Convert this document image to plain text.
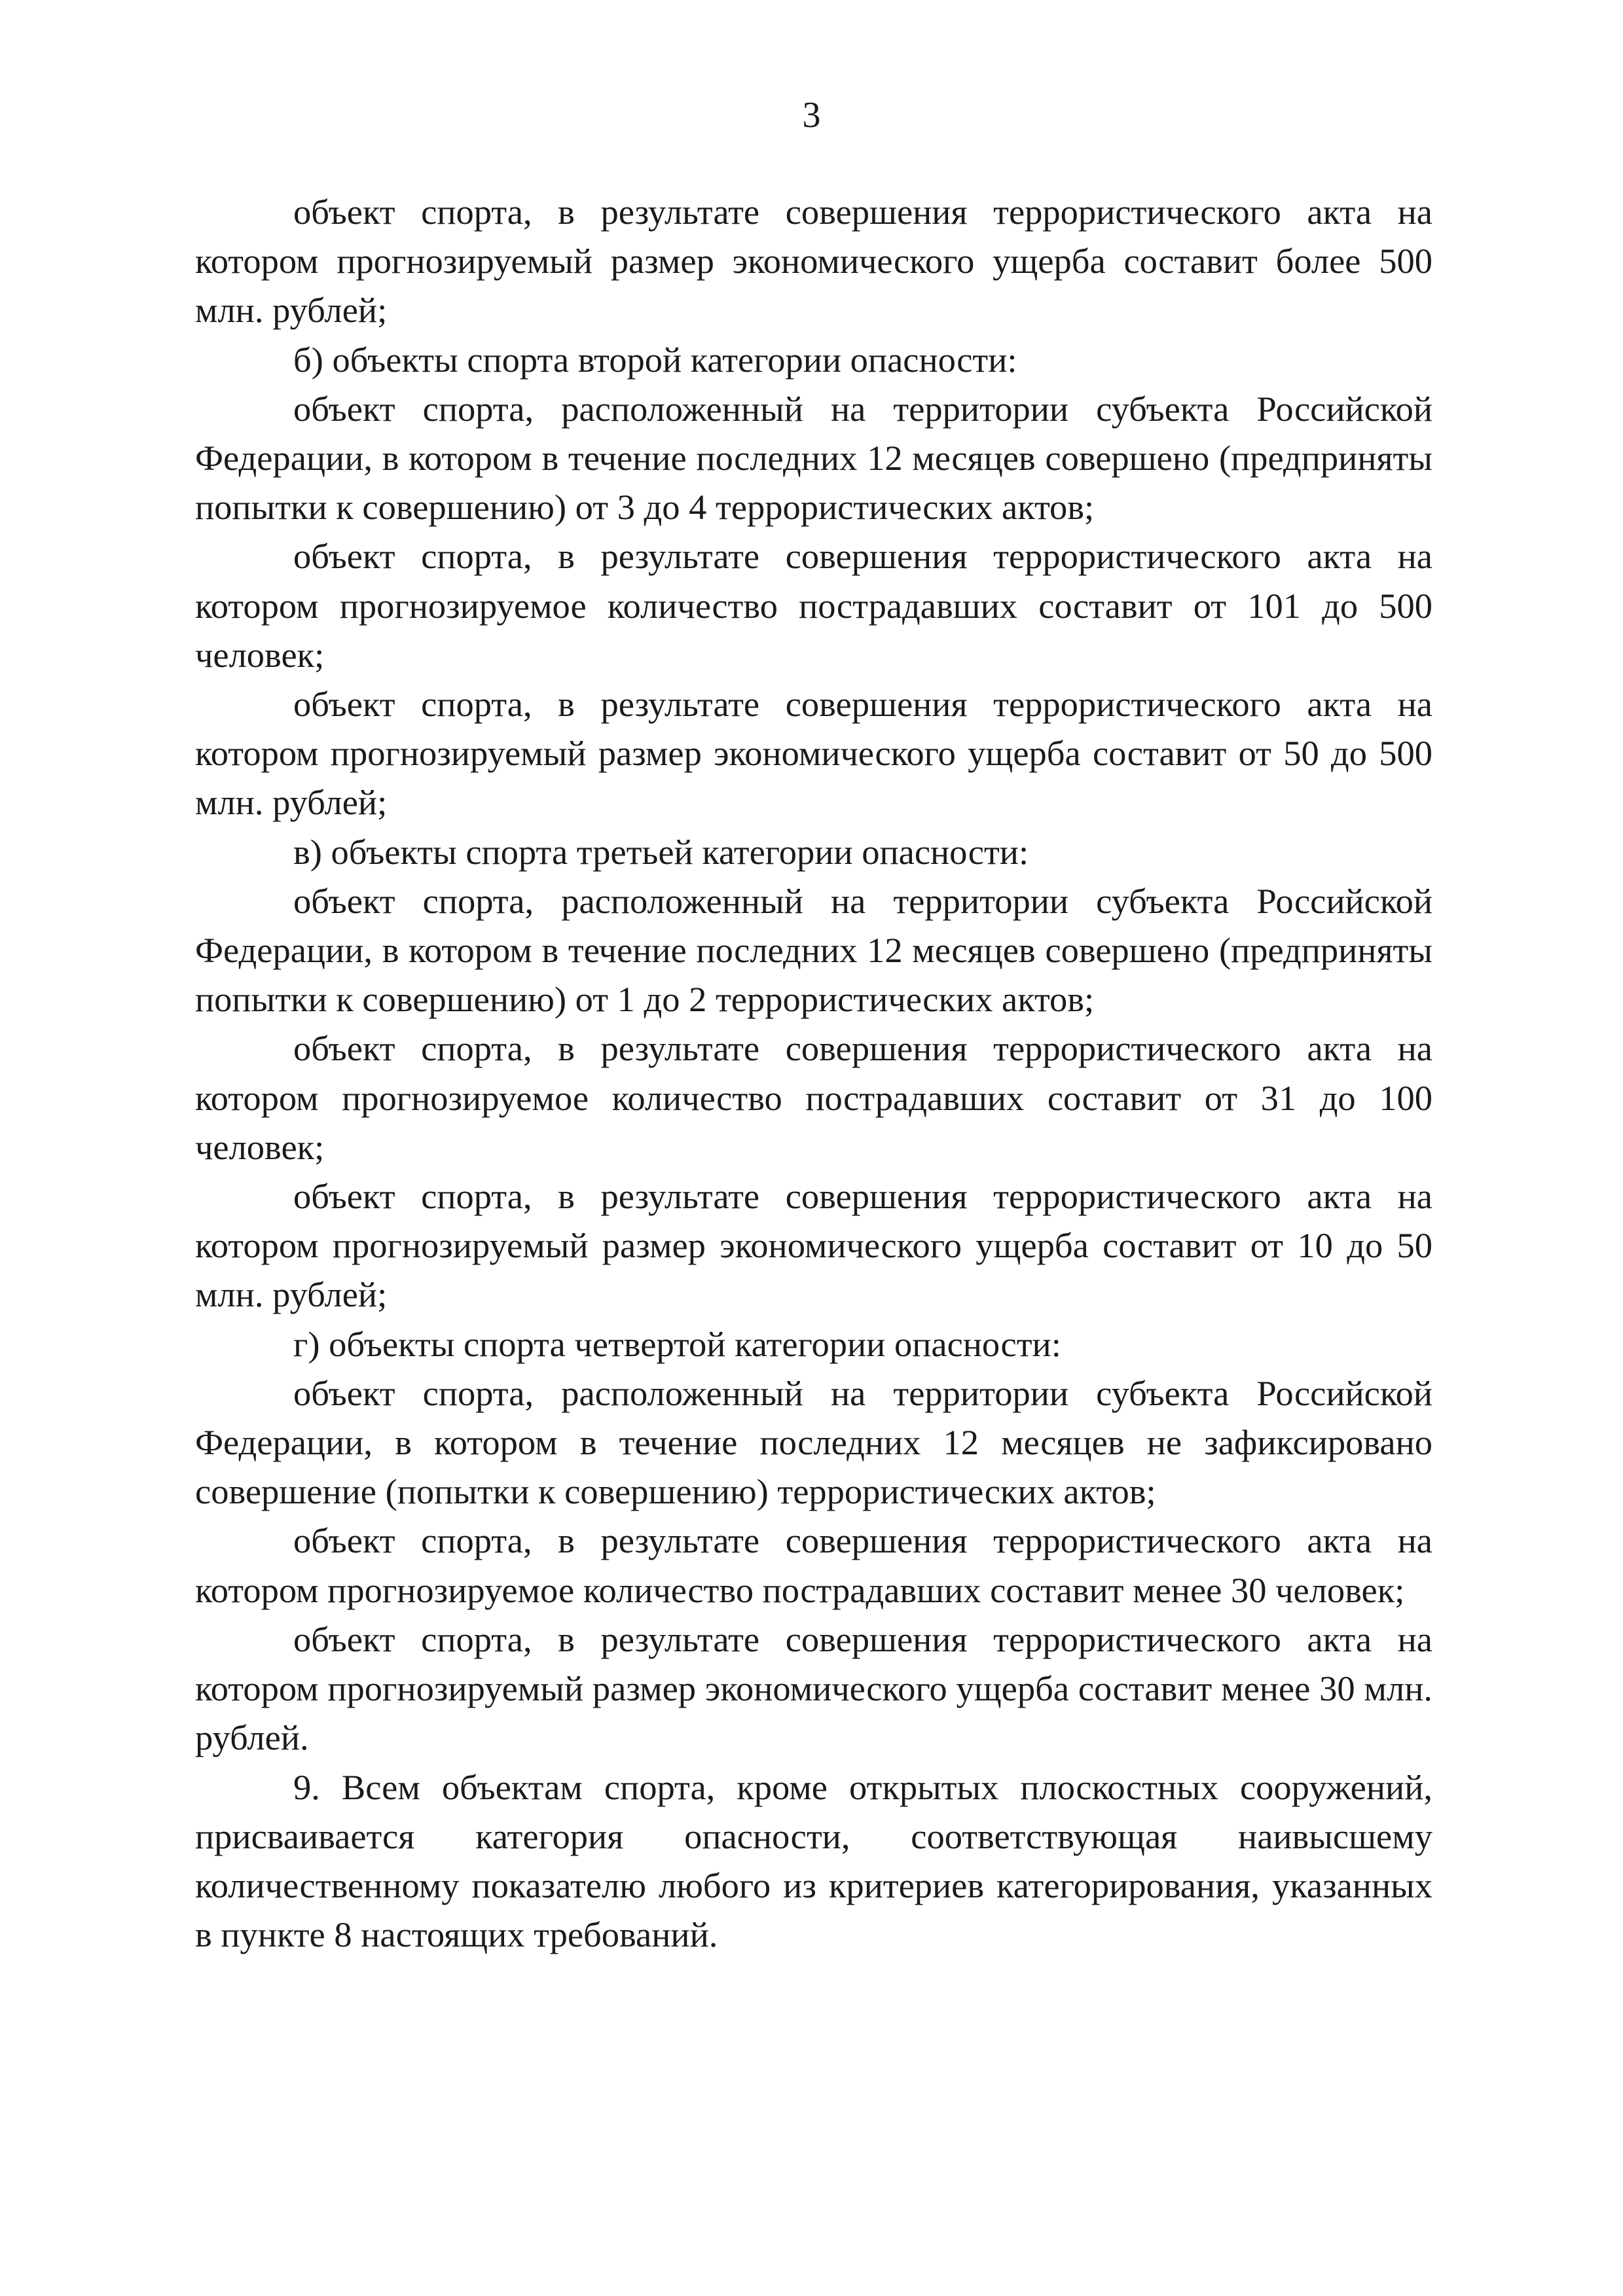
3

объект спорта, в результате совершения террористического акта на котором прогнозируемый размер экономического ущерба составит более 500 млн. рублей;

б) объекты спорта второй категории опасности:

объект спорта, расположенный на территории субъекта Российской Федерации, в котором в течение последних 12 месяцев совершено (предприняты попытки к совершению) от 3 до 4 террористических актов;

объект спорта, в результате совершения террористического акта на котором прогнозируемое количество пострадавших составит от 101 до 500 человек;

объект спорта, в результате совершения террористического акта на котором прогнозируемый размер экономического ущерба составит от 50 до 500 млн. рублей;

в) объекты спорта третьей категории опасности:

объект спорта, расположенный на территории субъекта Российской Федерации, в котором в течение последних 12 месяцев совершено (предприняты попытки к совершению) от 1 до 2 террористических актов;

объект спорта, в результате совершения террористического акта на котором прогнозируемое количество пострадавших составит от 31 до 100 человек;

объект спорта, в результате совершения террористического акта на котором прогнозируемый размер экономического ущерба составит от 10 до 50 млн. рублей;

г) объекты спорта четвертой категории опасности:

объект спорта, расположенный на территории субъекта Российской Федерации, в котором в течение последних 12 месяцев не зафиксировано совершение (попытки к совершению) террористических актов;

объект спорта, в результате совершения террористического акта на котором прогнозируемое количество пострадавших составит менее 30 человек;

объект спорта, в результате совершения террористического акта на котором прогнозируемый размер экономического ущерба составит менее 30 млн. рублей.

9. Всем объектам спорта, кроме открытых плоскостных сооружений, присваивается категория опасности, соответствующая наивысшему количественному показателю любого из критериев категорирования, указанных в пункте 8 настоящих требований.
